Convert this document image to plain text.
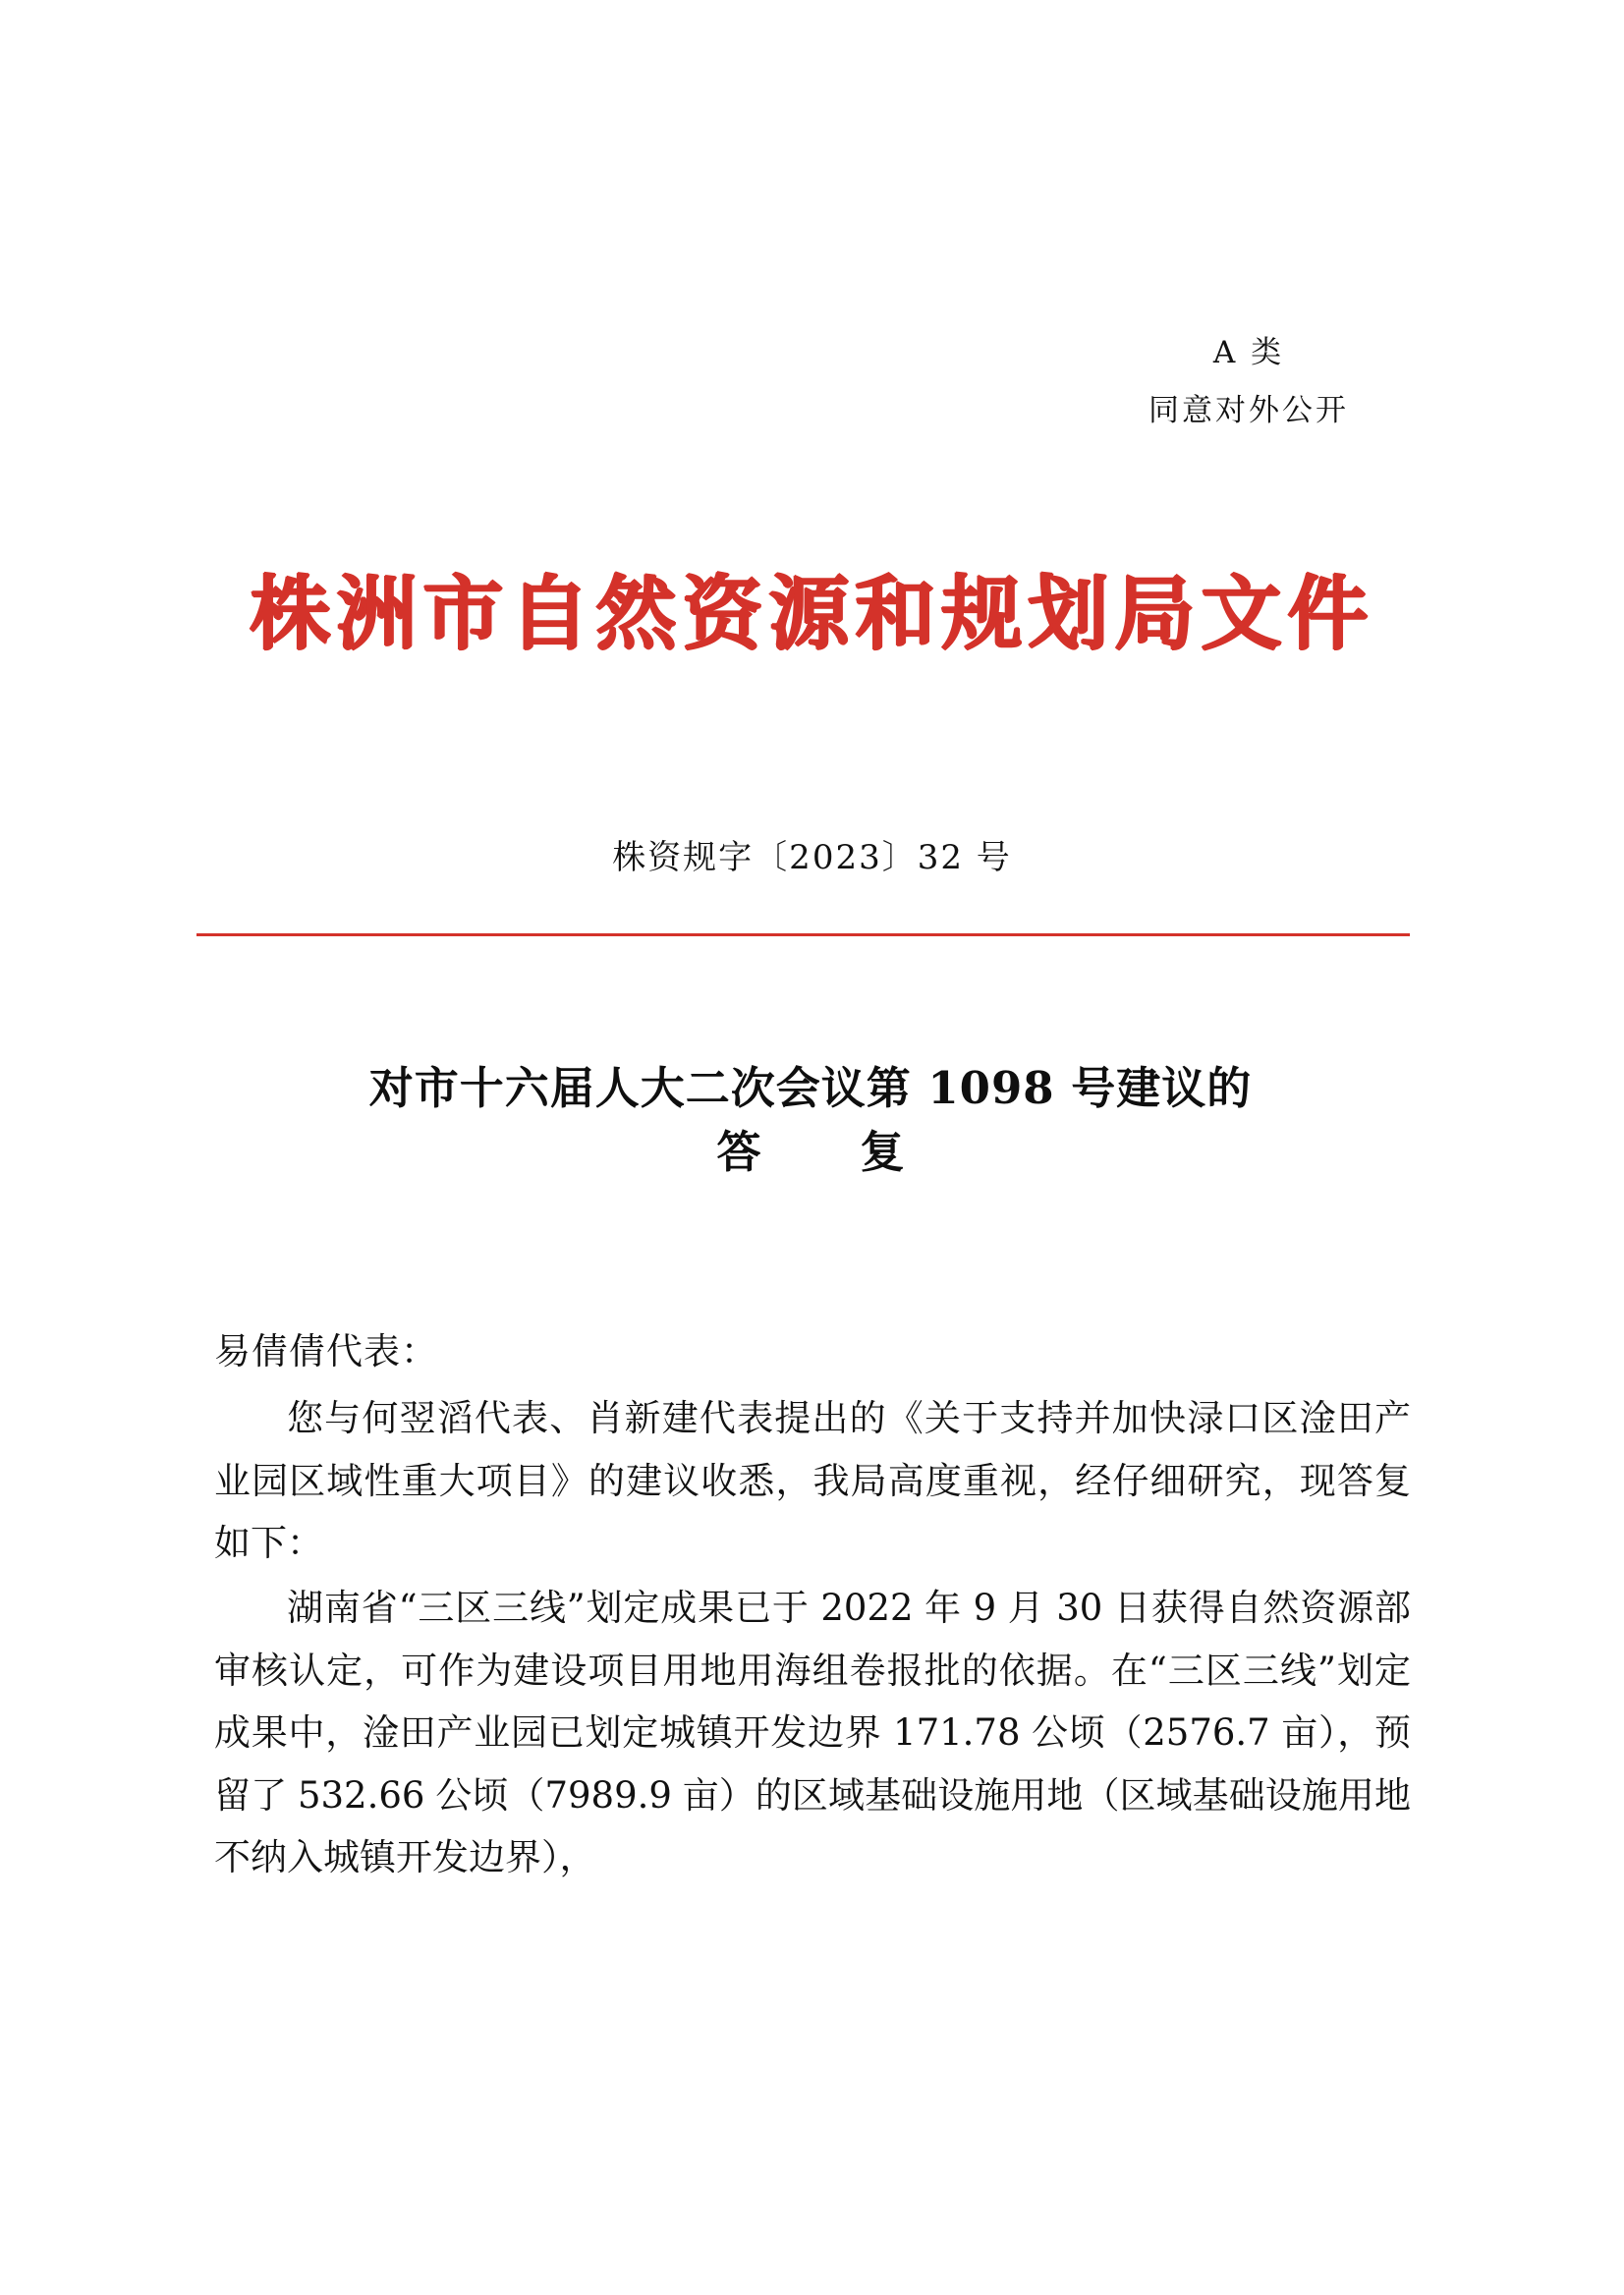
A 类
同意对外公开
株洲市自然资源和规划局文件
株资规字〔2023〕32 号
对市十六届人大二次会议第 1098 号建议的
答　复
易倩倩代表：

您与何翌滔代表、肖新建代表提出的《关于支持并加快渌口区淦田产业园区域性重大项目》的建议收悉，我局高度重视，经仔细研究，现答复如下：

湖南省“三区三线”划定成果已于 2022 年 9 月 30 日获得自然资源部审核认定，可作为建设项目用地用海组卷报批的依据。在“三区三线”划定成果中，淦田产业园已划定城镇开发边界 171.78 公顷（2576.7 亩），预留了 532.66 公顷（7989.9 亩）的区域基础设施用地（区域基础设施用地不纳入城镇开发边界），
